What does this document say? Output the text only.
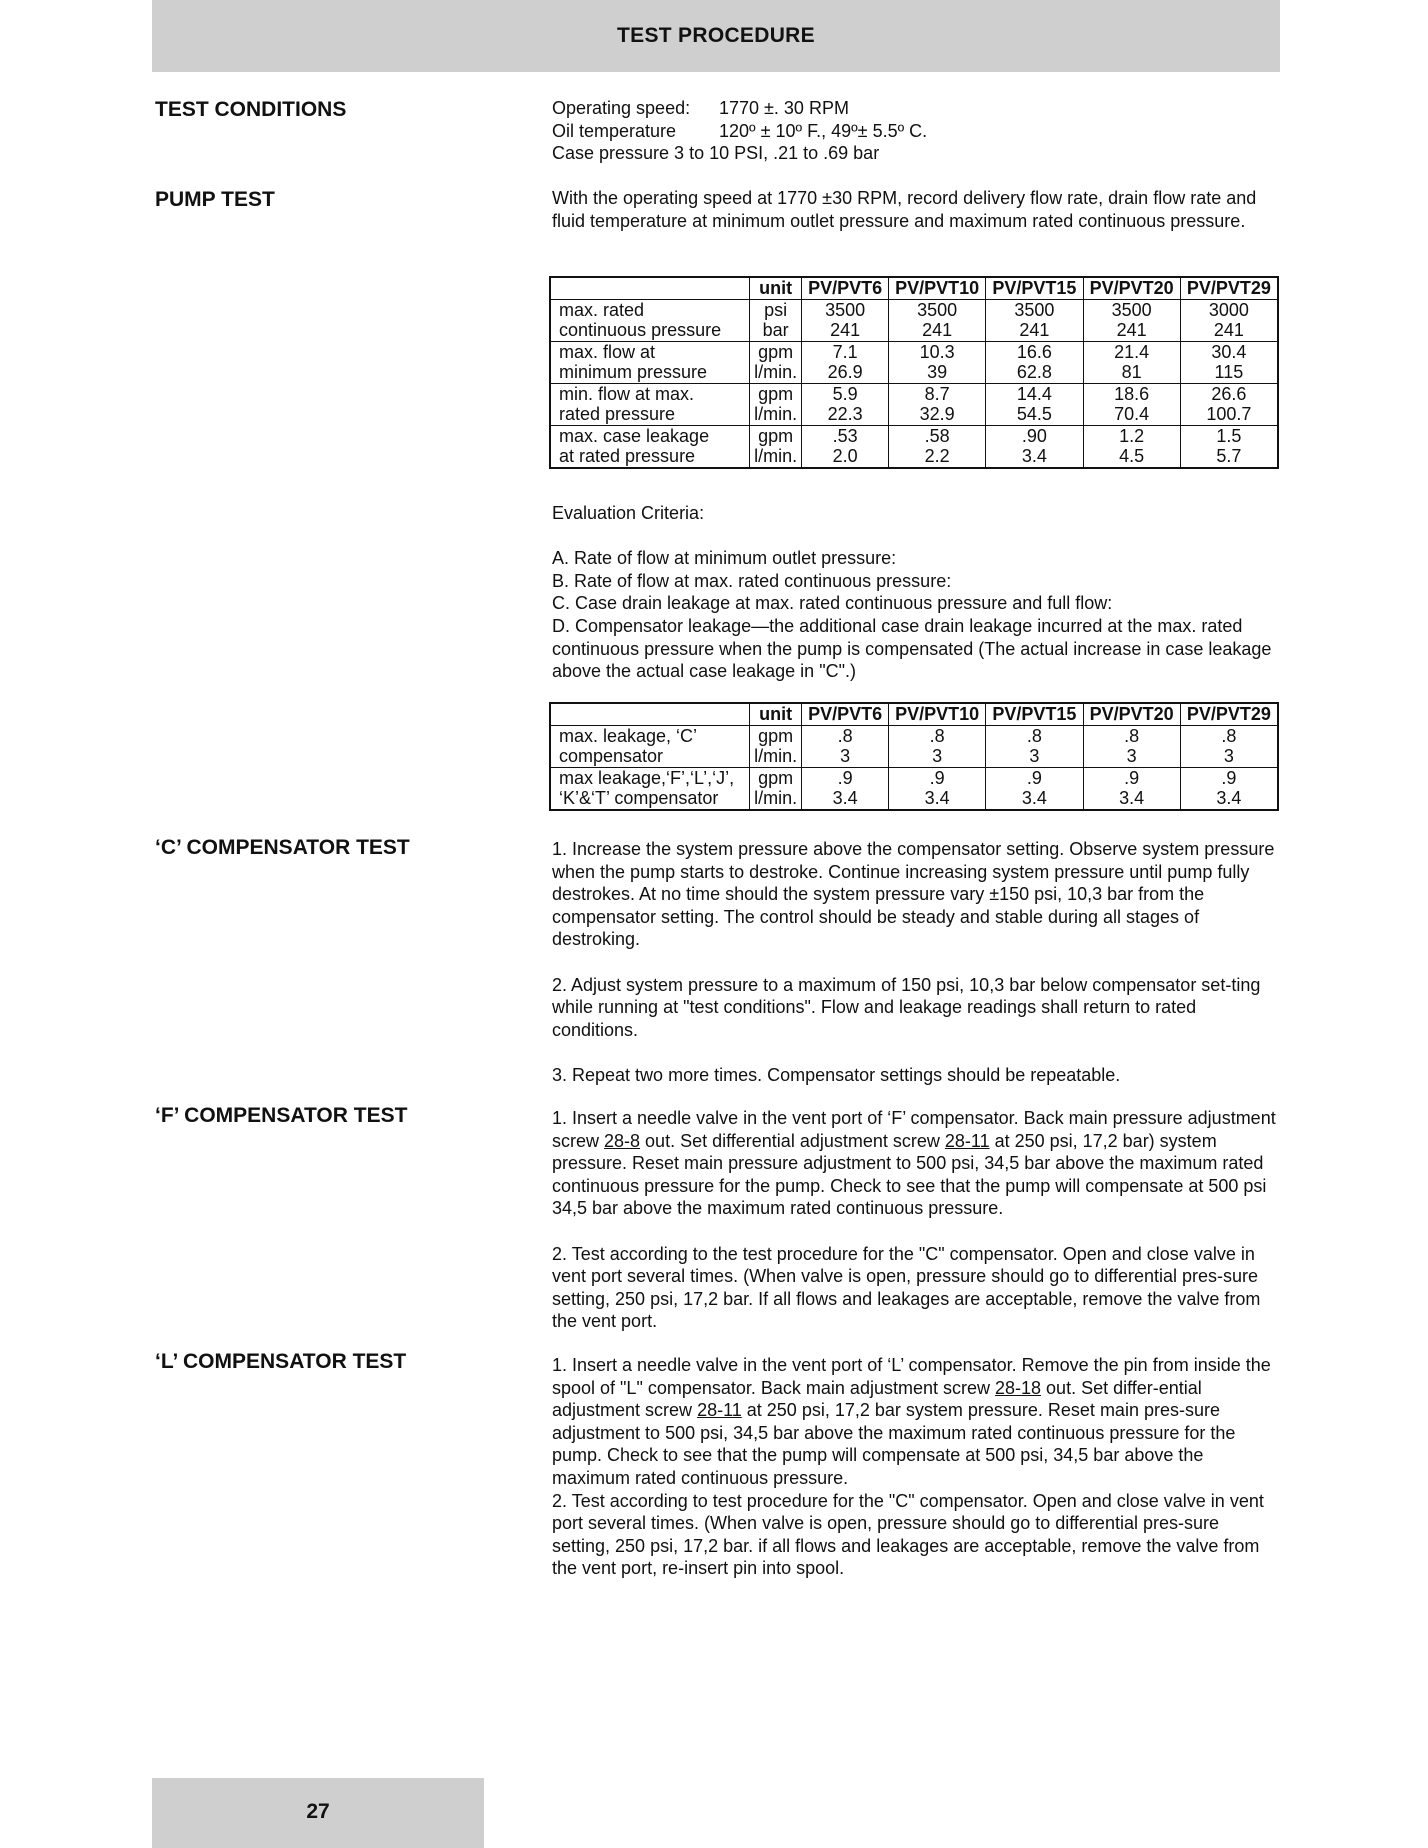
TEST PROCEDURE
TEST CONDITIONS	Operating speed:	1770 ±. 30 RPM
Oil temperature	120º ± 10º F., 49º± 5.5º C.

Case pressure 3 to 10 PSI, .21 to .69 bar

PUMP TEST	With the operating speed at 1770 ±30 RPM, record delivery flow rate, drain flow rate and fluid temperature at minimum outlet pressure and maximum rated continuous pressure.

	unit	PV/PVT6	PV/PVT10	PV/PVT15	PV/PVT20	PV/PVT29
max. rated	psi	3500	3500	3500	3500	3000
continuous pressure	bar	241	241	241	241	241
max. flow at	gpm	7.1	10.3	16.6	21.4	30.4
minimum pressure	l/min.	26.9	39	62.8	81	115
min. flow at max.	gpm	5.9	8.7	14.4	18.6	26.6
rated pressure	l/min.	22.3	32.9	54.5	70.4	100.7
max. case leakage	gpm	.53	.58	.90	1.2	1.5
at rated pressure	l/min.	2.0	2.2	3.4	4.5	5.7

Evaluation Criteria:

A. Rate of flow at minimum outlet pressure:

B. Rate of flow at max. rated continuous pressure:

C. Case drain leakage at max. rated continuous pressure and full flow:

D. Compensator leakage—the additional case drain leakage incurred at the max. rated continuous pressure when the pump is compensated (The actual increase in case leakage above the actual case leakage in "C".)

	unit	PV/PVT6	PV/PVT10	PV/PVT15	PV/PVT20	PV/PVT29
max. leakage, ‘C’	gpm	.8	.8	.8	.8	.8
compensator	l/min.	3	3	3	3	3
max leakage,‘F’,‘L’,‘J’,	gpm	.9	.9	.9	.9	.9
‘K’&‘T’ compensator	l/min.	3.4	3.4	3.4	3.4	3.4
‘C’ COMPENSATOR TEST	1. Increase the system pressure above the compensator setting. Observe system pressure when the pump starts to destroke. Continue increasing system pressure until pump fully destrokes. At no time should the system pressure vary ±150 psi, 10,3 bar from the compensator setting. The control should be steady and stable during all stages of destroking.

2. Adjust system pressure to a maximum of 150 psi, 10,3 bar below compensator set-ting while running at "test conditions". Flow and leakage readings shall return to rated conditions.

3. Repeat two more times. Compensator settings should be repeatable.

‘F’ COMPENSATOR TEST	1. Insert a needle valve in the vent port of ‘F’ compensator. Back main pressure adjustment screw 28-8 out. Set differential adjustment screw 28-11 at 250 psi, 17,2 bar) system pressure. Reset main pressure adjustment to 500 psi, 34,5 bar above the maximum rated continuous pressure for the pump. Check to see that the pump will compensate at 500 psi 34,5 bar above the maximum rated continuous pressure.

2. Test according to the test procedure for the "C" compensator. Open and close valve in vent port several times. (When valve is open, pressure should go to differential pres-sure setting, 250 psi, 17,2 bar. If all flows and leakages are acceptable, remove the valve from the vent port.

‘L’ COMPENSATOR TEST	1. Insert a needle valve in the vent port of ‘L’ compensator. Remove the pin from inside the spool of "L" compensator. Back main adjustment screw 28-18 out. Set differ-ential adjustment screw 28-11 at 250 psi, 17,2 bar system pressure. Reset main pres-sure adjustment to 500 psi, 34,5 bar above the maximum rated continuous pressure for the pump. Check to see that the pump will compensate at 500 psi, 34,5 bar above the maximum rated continuous pressure.

2. Test according to test procedure for the "C" compensator. Open and close valve in vent port several times. (When valve is open, pressure should go to differential pres-sure setting, 250 psi, 17,2 bar. if all flows and leakages are acceptable, remove the valve from the vent port, re-insert pin into spool.

27
